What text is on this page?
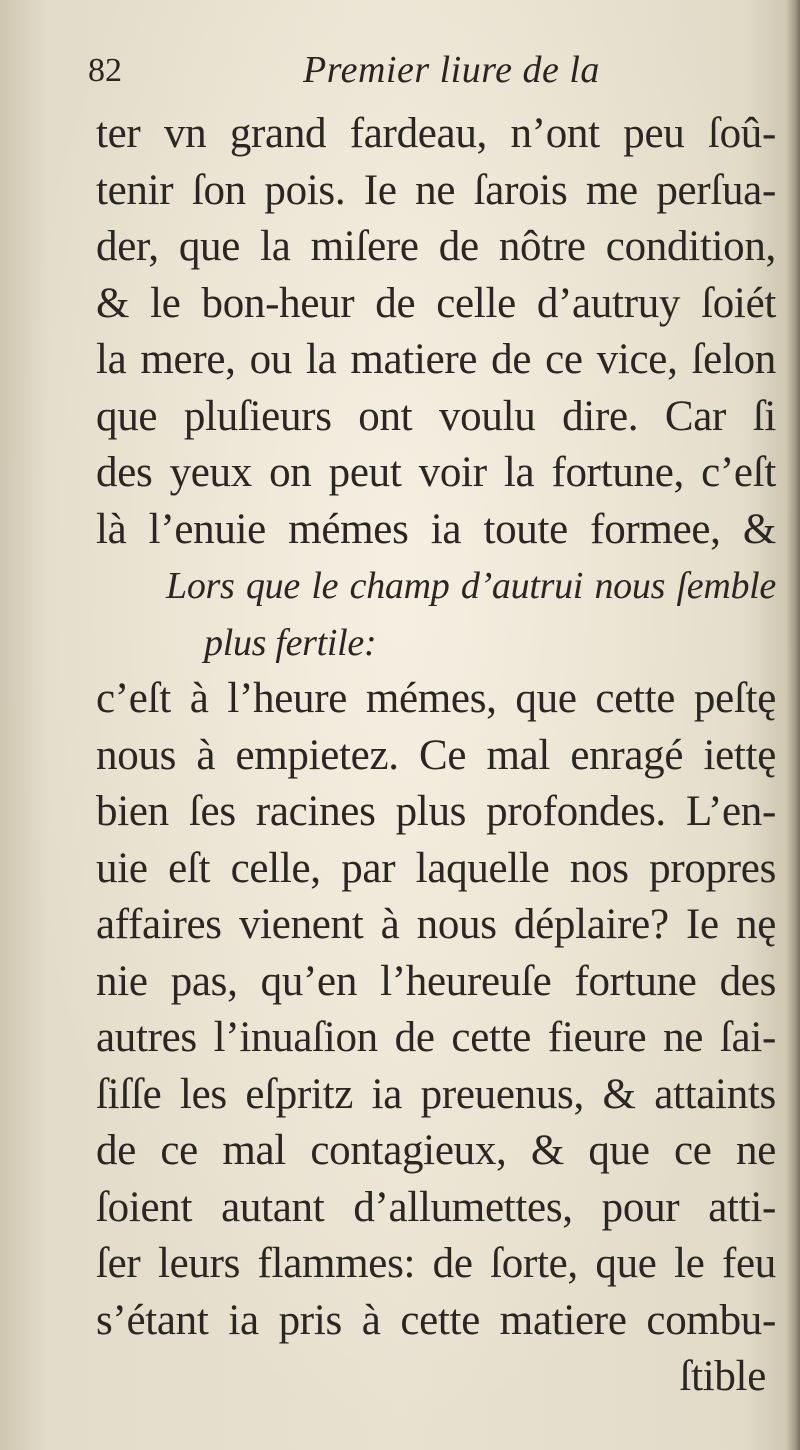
82	Premier liure de la
ter vn grand fardeau, n’ont peu ſoû-
tenir ſon pois. Ie ne ſarois me perſua-
der, que la miſere de nôtre condition,
& le bon-heur de celle d’autruy ſoiét
la mere, ou la matiere de ce vice, ſelon
que pluſieurs ont voulu dire. Car ſi
des yeux on peut voir la fortune, c’eſt
là l’enuie mémes ia toute formee, &
Lors que le champ d’autrui nous ſemble
plus fertile:
c’eſt à l’heure mémes, que cette peſtę
nous à empietez. Ce mal enragé iettę
bien ſes racines plus profondes. L’en-
uie eſt celle, par laquelle nos propres
affaires vienent à nous déplaire? Ie nę
nie pas, qu’en l’heureuſe fortune des
autres l’inuaſion de cette fieure ne ſai-
ſiſſe les eſpritz ia preuenus, & attaints
de ce mal contagieux, & que ce ne
ſoient autant d’allumettes, pour atti-
ſer leurs flammes: de ſorte, que le feu
s’étant ia pris à cette matiere combu-
ſtible
